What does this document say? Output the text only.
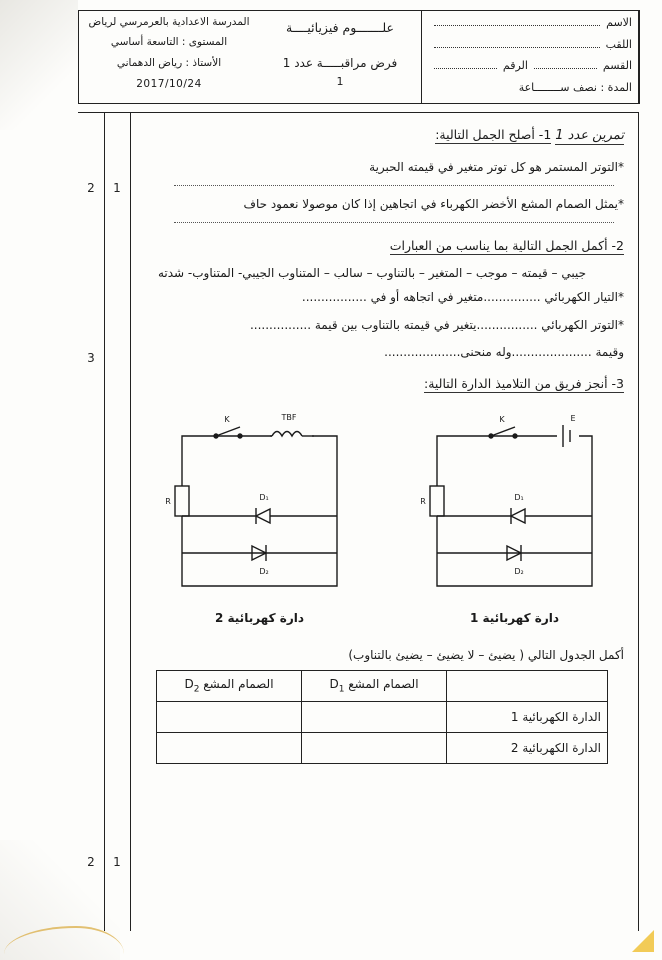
المدرسة الاعدادية بالعرمرسي لرياض
المستوى : التاسعة أساسي
الأستاذ : رياض الدهماني
2017/10/24
علـــــــوم فيزيائيــــة
فرض مراقبـــــة عدد 1
1
الاسم
اللقب
القسم
الرقم
المدة : نصف ســــــــاعة
2
3
2
1
1
تمرين عدد 1 1- أصلح الجمل التالية:
*التوتر المستمر هو كل توتر متغير في قيمته الحبرية
*يمثل الصمام المشع الأخضر الكهرباء في اتجاهين إذا كان موصولا نعمود حاف
2- أكمل الجمل التالية بما يناسب من العبارات
جيبي – قيمته – موجب – المتغير – بالتناوب – سالب – المتناوب الجيبي- المتناوب- شدته
*التيار الكهربائي ...............متغير في اتجاهه أو في .................
*التوتر الكهربائي ................يتغير في قيمته بالتناوب بين قيمة ................
وقيمة .....................وله منحنى....................
3- أنجز فريق من التلاميذ الدارة التالية:
K	E
R	D₁
D₂
دارة كهربائية 1
K	TBF
R	D₁
D₂
دارة كهربائية 2
أكمل الجدول التالي ( يضيئ – لا يضيئ – يضيئ بالتناوب)
	الصمام المشع $D_1$	الصمام المشع $D_2$
الدارة الكهربائية 1		
الدارة الكهربائية 2		
